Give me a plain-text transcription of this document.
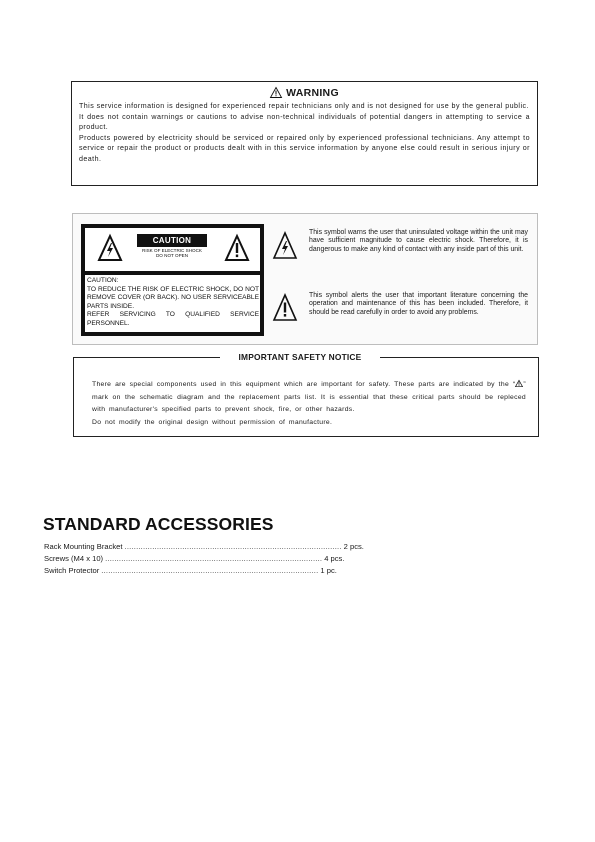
WARNING

This service information is designed for experienced repair technicians only and is not designed for use by the general public.

It does not contain warnings or cautions to advise non-technical individuals of potential dangers in attempting to service a product.

Products powered by electricity should be serviced or repaired only by experienced professional technicians. Any attempt to service or repair the product or products dealt with in this service information by anyone else could result in serious injury or death.

CAUTION
RISK OF ELECTRIC SHOCK
DO NOT OPEN
CAUTION:
TO REDUCE THE RISK OF ELECTRIC SHOCK, DO NOT REMOVE COVER (OR BACK). NO USER SERVICEABLE PARTS INSIDE.
REFER SERVICING TO QUALIFIED SERVICE PERSONNEL.

This symbol warns the user that uninsulated voltage within the unit may have sufficient magnitude to cause electric shock. Therefore, it is dangerous to make any kind of contact with any inside part of this unit.

This symbol alerts the user that important literature concerning the operation and maintenance of this has been included. Therefore, it should be read carefully in order to avoid any problems.

IMPORTANT SAFETY NOTICE
There are special components used in this equipment which are important for safety. These parts are indicated by the “ ” mark on the schematic diagram and the replacement parts list. It is essential that these critical parts should be repleced with manufacturer's specified parts to prevent shock, fire, or other hazards.
Do not modify the original design without permission of manufacture.
STANDARD ACCESSORIES
Rack Mounting Bracket .............................................................................................. 2 pcs.
Screws (M4 x 10) .............................................................................................. 4 pcs.
Switch Protector .............................................................................................. 1 pc.
